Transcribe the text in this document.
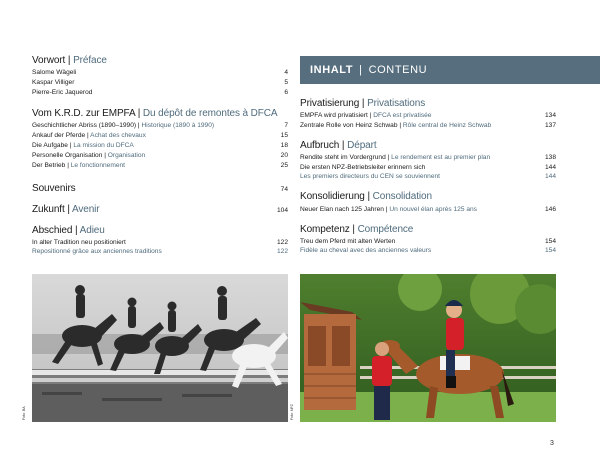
Vorwort | Préface
Salome Wägeli	4
Kaspar Villiger	5
Pierre-Eric Jaquerod	6
Vom K.R.D. zur EMPFA | Du dépôt de remontes à DFCA
Geschichtlicher Abriss (1890–1990) | Historique (1890 à 1990)	7
Ankauf der Pferde | Achat des chevaux	15
Die Aufgabe | La mission du DFCA	18
Personelle Organisation | Organisation	20
Der Betrieb | Le fonctionnement	25
Souvenirs	74
Zukunft | Avenir	104
Abschied | Adieu
In alter Tradition neu positioniert	122
Repositionné grâce aux anciennes traditions	122
INHALT | CONTENU
Privatisierung | Privatisations
EMPFA wird privatisiert | DFCA est privatisée	134
Zentrale Rolle von Heinz Schwab | Rôle central de Heinz Schwab	137
Aufbruch | Départ
Rendite steht im Vordergrund | Le rendement est au premier plan	138
Die ersten NPZ-Betriebsleiter erinnern sich	144
Les premiers directeurs du CEN se souviennent	144
Konsolidierung | Consolidation
Neuer Elan nach 125 Jahren | Un nouvel élan après 125 ans	146
Kompetenz | Compétence
Treu dem Pferd mit alten Werten	154
Fidèle au cheval avec des anciennes valeurs	154
Foto: BA	Foto: NPZ
3
